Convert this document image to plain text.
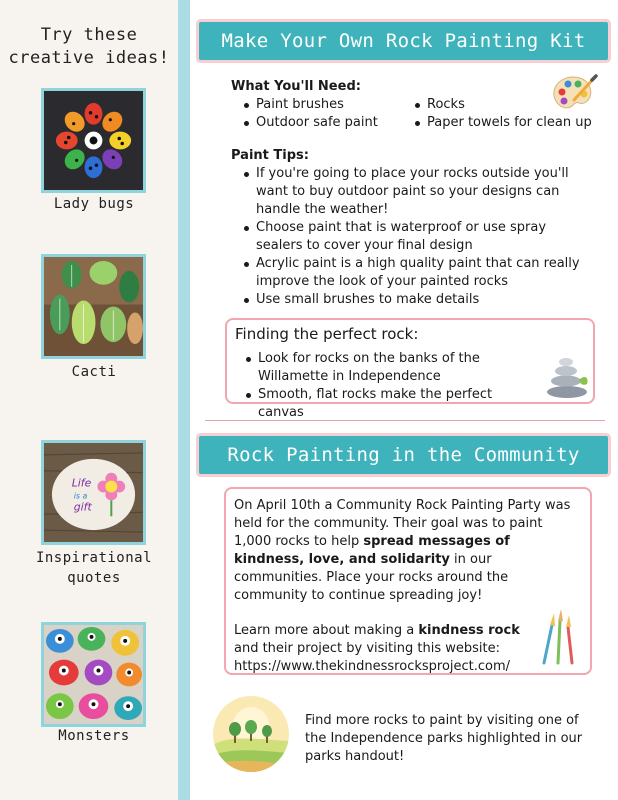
Try these
creative ideas!
Lady bugs
Cacti
Life
is a
gift
Inspirational
quotes
Monsters
Make Your Own Rock Painting Kit
What You'll Need:
Paint brushes
Outdoor safe paint
Rocks
Paper towels for clean up
Paint Tips:
If you're going to place your rocks outside you'll want to buy outdoor paint so your designs can handle the weather!
Choose paint that is waterproof or use spray sealers to cover your final design
Acrylic paint is a high quality paint that can really improve the look of your painted rocks
Use small brushes to make details
Finding the perfect rock:
Look for rocks on the banks of the Willamette in Independence
Smooth, flat rocks make the perfect canvas
Rock Painting in the Community

On April 10th a Community Rock Painting Party was held for the community. Their goal was to paint 1,000 rocks to help spread messages of kindness, love, and solidarity in our communities. Place your rocks around the community to continue spreading joy!

Learn more about making a kindness rock and their project by visiting this website:
https://www.thekindnessrocksproject.com/

Find more rocks to paint by visiting one of the Independence parks highlighted in our parks handout!
